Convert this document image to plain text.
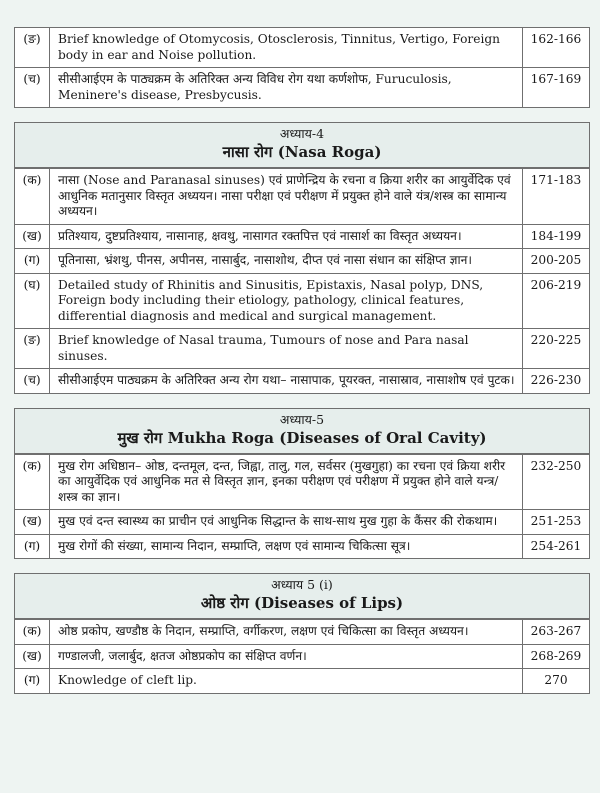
(ङ)	Brief knowledge of Otomycosis, Otosclerosis, Tinnitus, Vertigo, Foreign body in ear and Noise pollution.	162-166
(च)	सीसीआईएम के पाठ्यक्रम के अतिरिक्त अन्य विविध रोग यथा कर्णशोफ, Furuculosis, Meninere's disease, Presbycusis.	167-169
अध्याय-4
नासा रोग (Nasa Roga)
(क)	नासा (Nose and Paranasal sinuses) एवं प्राणेन्द्रिय के रचना व क्रिया शरीर का आयुर्वेदिक एवं आधुनिक मतानुसार विस्तृत अध्ययन। नासा परीक्षा एवं परीक्षण में प्रयुक्त होने वाले यंत्र/शस्त्र का सामान्य अध्ययन।	171-183
(ख)	प्रतिश्याय, दुष्टप्रतिश्याय, नासानाह, क्षवथु, नासागत रक्तपित्त एवं नासार्श का विस्तृत अध्ययन।	184-199
(ग)	पूतिनासा, भ्रंशथु, पीनस, अपीनस, नासार्बुद, नासाशोथ, दीप्त एवं नासा संधान का संक्षिप्त ज्ञान।	200-205
(घ)	Detailed study of Rhinitis and Sinusitis, Epistaxis, Nasal polyp, DNS, Foreign body including their etiology, pathology, clinical features, differential diagnosis and medical and surgical management.	206-219
(ङ)	Brief knowledge of Nasal trauma, Tumours of nose and Para nasal sinuses.	220-225
(च)	सीसीआईएम पाठ्यक्रम के अतिरिक्त अन्य रोग यथा– नासापाक, पूयरक्त, नासास्राव, नासाशोष एवं पुटक।	226-230
अध्याय-5
मुख रोग Mukha Roga (Diseases of Oral Cavity)
(क)	मुख रोग अधिष्ठान– ओष्ठ, दन्तमूल, दन्त, जिह्वा, तालु, गल, सर्वसर (मुखगुहा) का रचना एवं क्रिया शरीर का आयुर्वेदिक एवं आधुनिक मत से विस्तृत ज्ञान, इनका परीक्षण एवं परीक्षण में प्रयुक्त होने वाले यन्त्र/शस्त्र का ज्ञान।	232-250
(ख)	मुख एवं दन्त स्वास्थ्य का प्राचीन एवं आधुनिक सिद्धान्त के साथ-साथ मुख गुहा के कैंसर की रोकथाम।	251-253
(ग)	मुख रोगों की संख्या, सामान्य निदान, सम्प्राप्ति, लक्षण एवं सामान्य चिकित्सा सूत्र।	254-261
अध्याय 5 (i)
ओष्ठ रोग (Diseases of Lips)
(क)	ओष्ठ प्रकोप, खण्डौष्ठ के निदान, सम्प्राप्ति, वर्गीकरण, लक्षण एवं चिकित्सा का विस्तृत अध्ययन।	263-267
(ख)	गण्डालजी, जलार्बुद, क्षतज ओष्ठप्रकोप का संक्षिप्त वर्णन।	268-269
(ग)	Knowledge of cleft lip.	270
